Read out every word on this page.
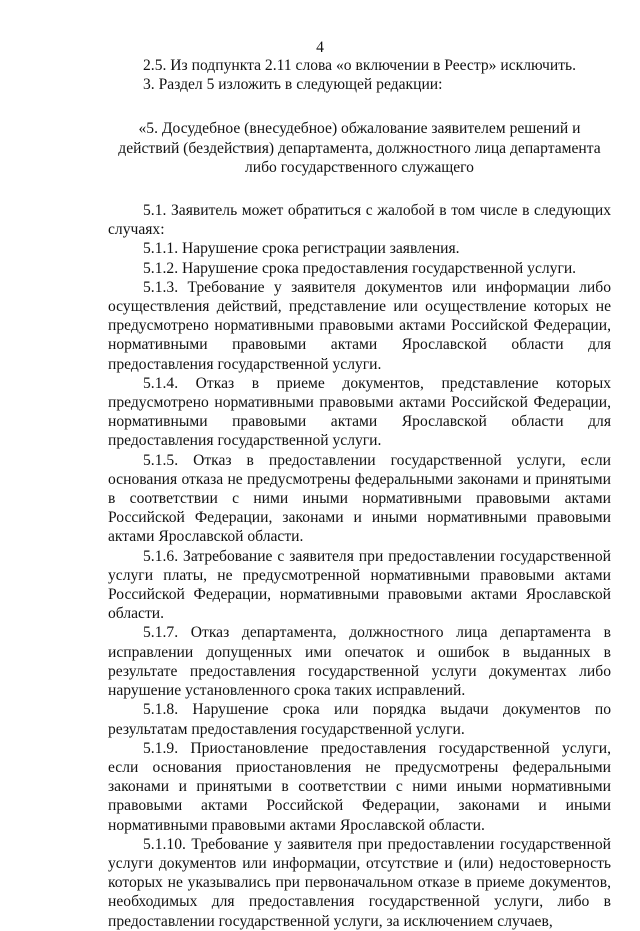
4

2.5. Из подпункта 2.11 слова «о включении в Реестр» исключить.

3. Раздел 5 изложить в следующей редакции:

«5. Досудебное (внесудебное) обжалование заявителем решений и действий (бездействия) департамента, должностного лица департамента либо государственного служащего

5.1. Заявитель может обратиться с жалобой в том числе в следующих случаях:

5.1.1. Нарушение срока регистрации заявления.

5.1.2. Нарушение срока предоставления государственной услуги.

5.1.3. Требование у заявителя документов или информации либо осуществления действий, представление или осуществление которых не предусмотрено нормативными правовыми актами Российской Федерации, нормативными правовыми актами Ярославской области для предоставления государственной услуги.

5.1.4. Отказ в приеме документов, представление которых предусмотрено нормативными правовыми актами Российской Федерации, нормативными правовыми актами Ярославской области для предоставления государственной услуги.

5.1.5. Отказ в предоставлении государственной услуги, если основания отказа не предусмотрены федеральными законами и принятыми в соответствии с ними иными нормативными правовыми актами Российской Федерации, законами и иными нормативными правовыми актами Ярославской области.

5.1.6. Затребование с заявителя при предоставлении государственной услуги платы, не предусмотренной нормативными правовыми актами Российской Федерации, нормативными правовыми актами Ярославской области.

5.1.7. Отказ департамента, должностного лица департамента в исправлении допущенных ими опечаток и ошибок в выданных в результате предоставления государственной услуги документах либо нарушение установленного срока таких исправлений.

5.1.8. Нарушение срока или порядка выдачи документов по результатам предоставления государственной услуги.

5.1.9. Приостановление предоставления государственной услуги, если основания приостановления не предусмотрены федеральными законами и принятыми в соответствии с ними иными нормативными правовыми актами Российской Федерации, законами и иными нормативными правовыми актами Ярославской области.

5.1.10. Требование у заявителя при предоставлении государственной услуги документов или информации, отсутствие и (или) недостоверность которых не указывались при первоначальном отказе в приеме документов, необходимых для предоставления государственной услуги, либо в предоставлении государственной услуги, за исключением случаев,
